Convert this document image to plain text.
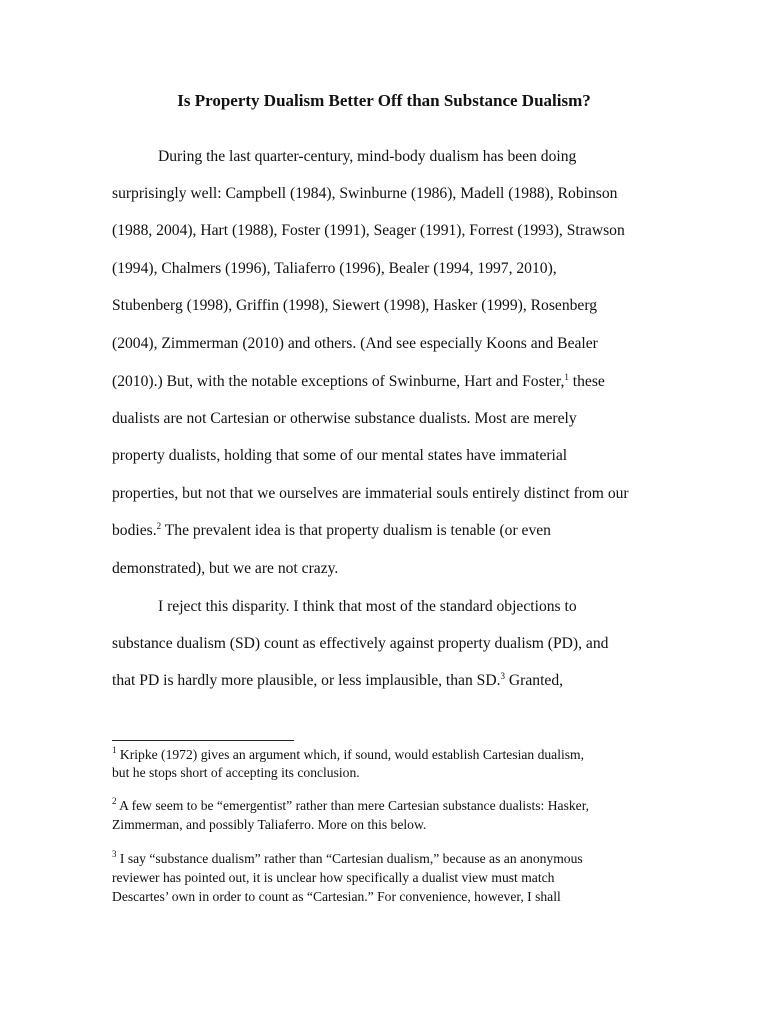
Is Property Dualism Better Off than Substance Dualism?

During the last quarter-century, mind-body dualism has been doing

surprisingly well: Campbell (1984), Swinburne (1986), Madell (1988), Robinson

(1988, 2004), Hart (1988), Foster (1991), Seager (1991), Forrest (1993), Strawson

(1994), Chalmers (1996), Taliaferro (1996), Bealer (1994, 1997, 2010),

Stubenberg (1998), Griffin (1998), Siewert (1998), Hasker (1999), Rosenberg

(2004), Zimmerman (2010) and others. (And see especially Koons and Bealer

(2010).) But, with the notable exceptions of Swinburne, Hart and Foster,$^1$ these

dualists are not Cartesian or otherwise substance dualists. Most are merely

property dualists, holding that some of our mental states have immaterial

properties, but not that we ourselves are immaterial souls entirely distinct from our

bodies.$^2$ The prevalent idea is that property dualism is tenable (or even

demonstrated), but we are not crazy.

I reject this disparity. I think that most of the standard objections to

substance dualism (SD) count as effectively against property dualism (PD), and

that PD is hardly more plausible, or less implausible, than SD.$^3$ Granted,

$^1$ Kripke (1972) gives an argument which, if sound, would establish Cartesian dualism,

but he stops short of accepting its conclusion.

$^2$ A few seem to be “emergentist” rather than mere Cartesian substance dualists: Hasker,

Zimmerman, and possibly Taliaferro. More on this below.

$^3$ I say “substance dualism” rather than “Cartesian dualism,” because as an anonymous

reviewer has pointed out, it is unclear how specifically a dualist view must match

Descartes’ own in order to count as “Cartesian.” For convenience, however, I shall
